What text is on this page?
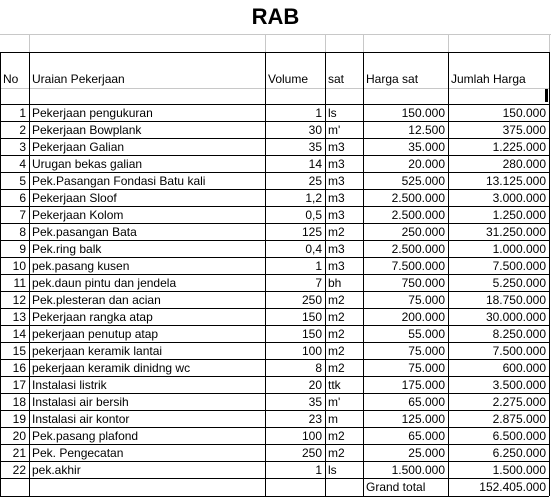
RAB
No	Uraian Pekerjaan	Volume	sat	Harga sat	Jumlah Harga
1 Pekerjaan pengukuran	1 ls	150.000	150.000
2 Pekerjaan Bowplank	30 m'	12.500	375.000
3 Pekerjaan Galian	35 m3	35.000	1.225.000
4 Urugan bekas galian	14 m3	20.000	280.000
5 Pek.Pasangan Fondasi Batu kali	25 m3	525.000	13.125.000
6 Pekerjaan Sloof	1,2 m3	2.500.000	3.000.000
7 Pekerjaan Kolom	0,5 m3	2.500.000	1.250.000
8 Pek.pasangan Bata	125 m2	250.000	31.250.000
9 Pek.ring balk	0,4 m3	2.500.000	1.000.000
10 pek.pasang kusen	1 m3	7.500.000	7.500.000
11 pek.daun pintu dan jendela	7 bh	750.000	5.250.000
12 Pek.plesteran dan acian	250 m2	75.000	18.750.000
13 Pekerjaan rangka atap	150 m2	200.000	30.000.000
14 pekerjaan penutup atap	150 m2	55.000	8.250.000
15 pekerjaan keramik lantai	100 m2	75.000	7.500.000
16 pekerjaan keramik dinidng wc	8 m2	75.000	600.000
17 Instalasi listrik	20 ttk	175.000	3.500.000
18 Instalasi air bersih	35 m'	65.000	2.275.000
19 Instalasi air kontor	23 m	125.000	2.875.000
20 Pek.pasang plafond	100 m2	65.000	6.500.000
21 Pek. Pengecatan	250 m2	25.000	6.250.000
22 pek.akhir	1 ls	1.500.000	1.500.000
Grand total	152.405.000
